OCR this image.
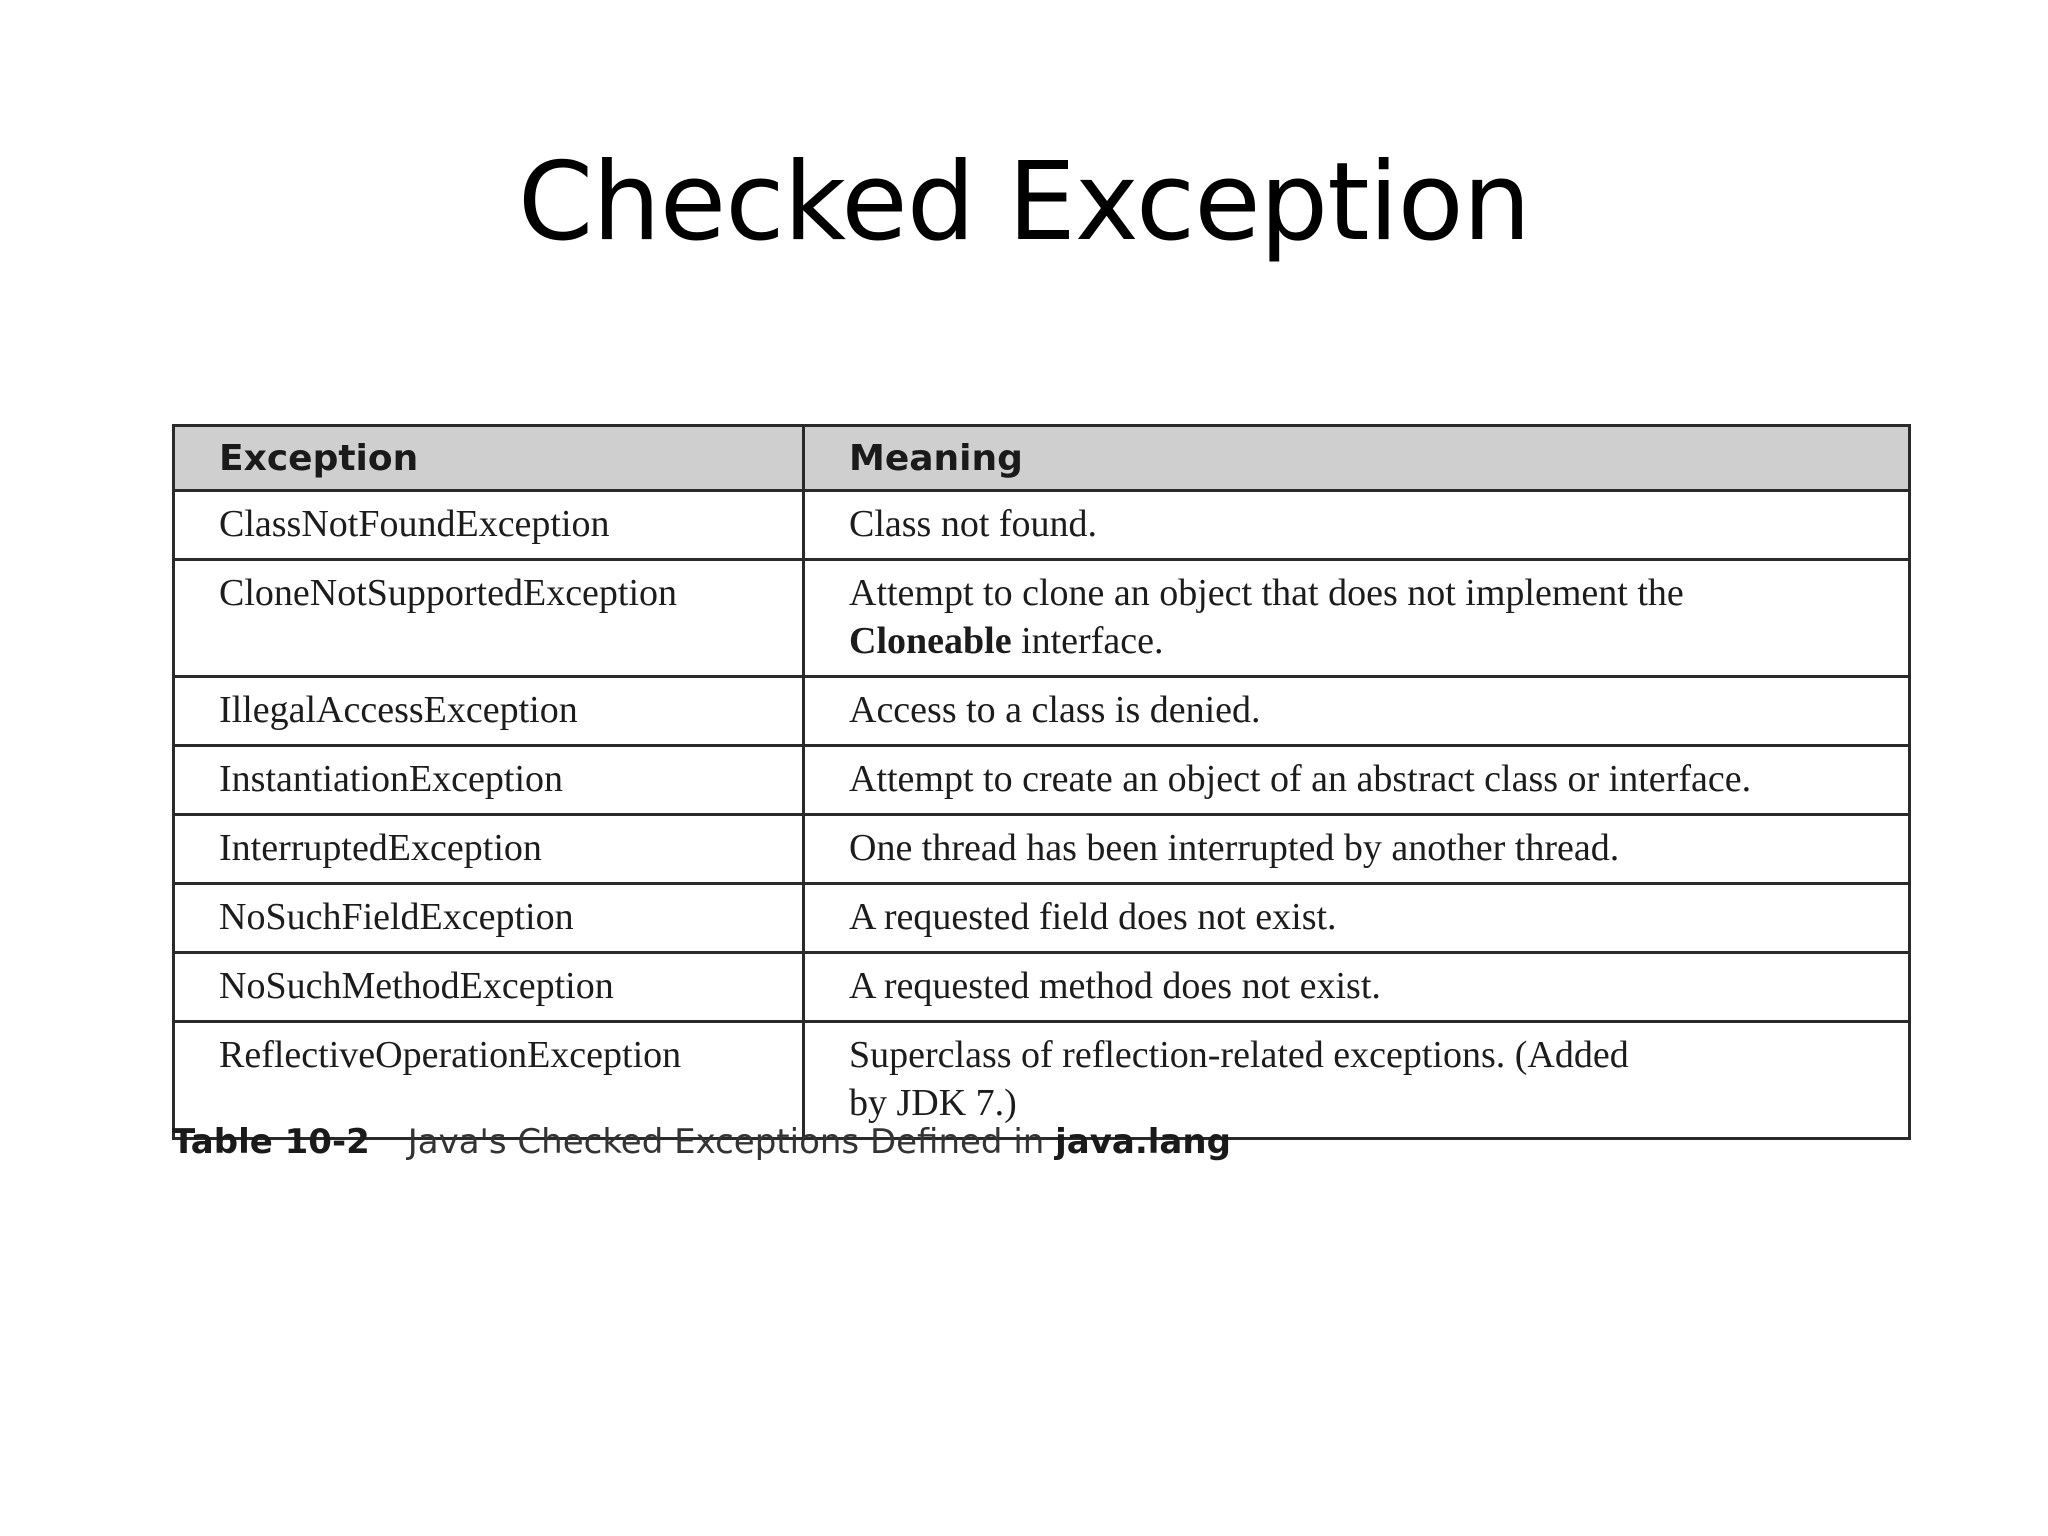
Checked Exception
Exception	Meaning
ClassNotFoundException	Class not found.
CloneNotSupportedException	Attempt to clone an object that does not implement the
Cloneable interface.
IllegalAccessException	Access to a class is denied.
InstantiationException	Attempt to create an object of an abstract class or interface.
InterruptedException	One thread has been interrupted by another thread.
NoSuchFieldException	A requested field does not exist.
NoSuchMethodException	A requested method does not exist.
ReflectiveOperationException	Superclass of reflection-related exceptions. (Added
by JDK 7.)
Table 10-2 Java's Checked Exceptions Defined in java.lang
